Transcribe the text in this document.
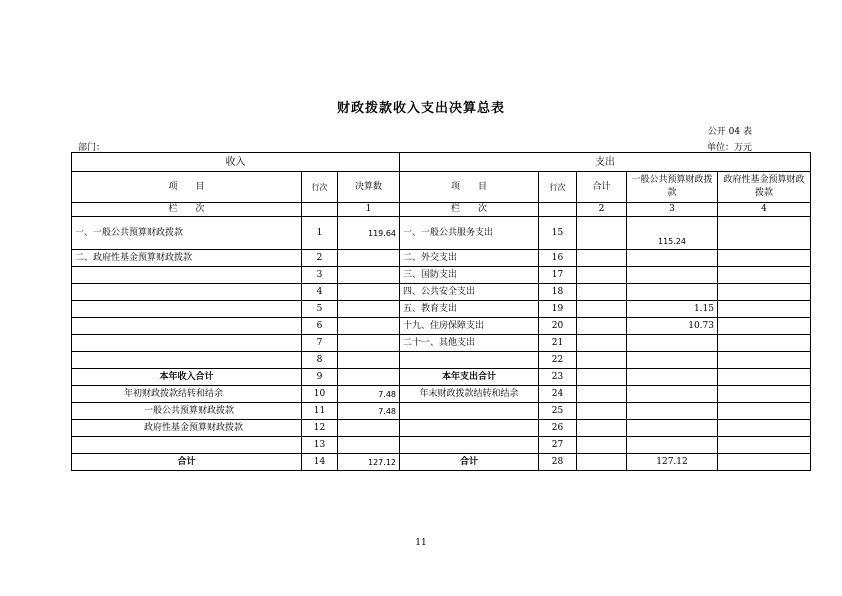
财政拨款收入支出决算总表
公开 04 表
部门：	单位：万元
收入			支出				
项　　目	行次	决算数	项　　目	行次	合计	一般公共预算财政拨款	政府性基金预算财政拨款
栏　　次		1	栏　　次		2	3	4
一、一般公共预算财政拨款	1	119.64	一、一般公共服务支出	15		115.24	
二、政府性基金预算财政拨款	2		二、外交支出	16			
	3		三、国防支出	17			
	4		四、公共安全支出	18			
	5		五、教育支出	19		1.15	
	6		十九、住房保障支出	20		10.73	
	7		二十一、其他支出	21			
	8			22			
本年收入合计	9		本年支出合计	23			
年初财政拨款结转和结余	10	7.48	年末财政拨款结转和结余	24			
一般公共预算财政拨款	11	7.48		25			
政府性基金预算财政拨款	12			26			
	13			27			
合计	14	127.12	合计	28		127.12	
11
